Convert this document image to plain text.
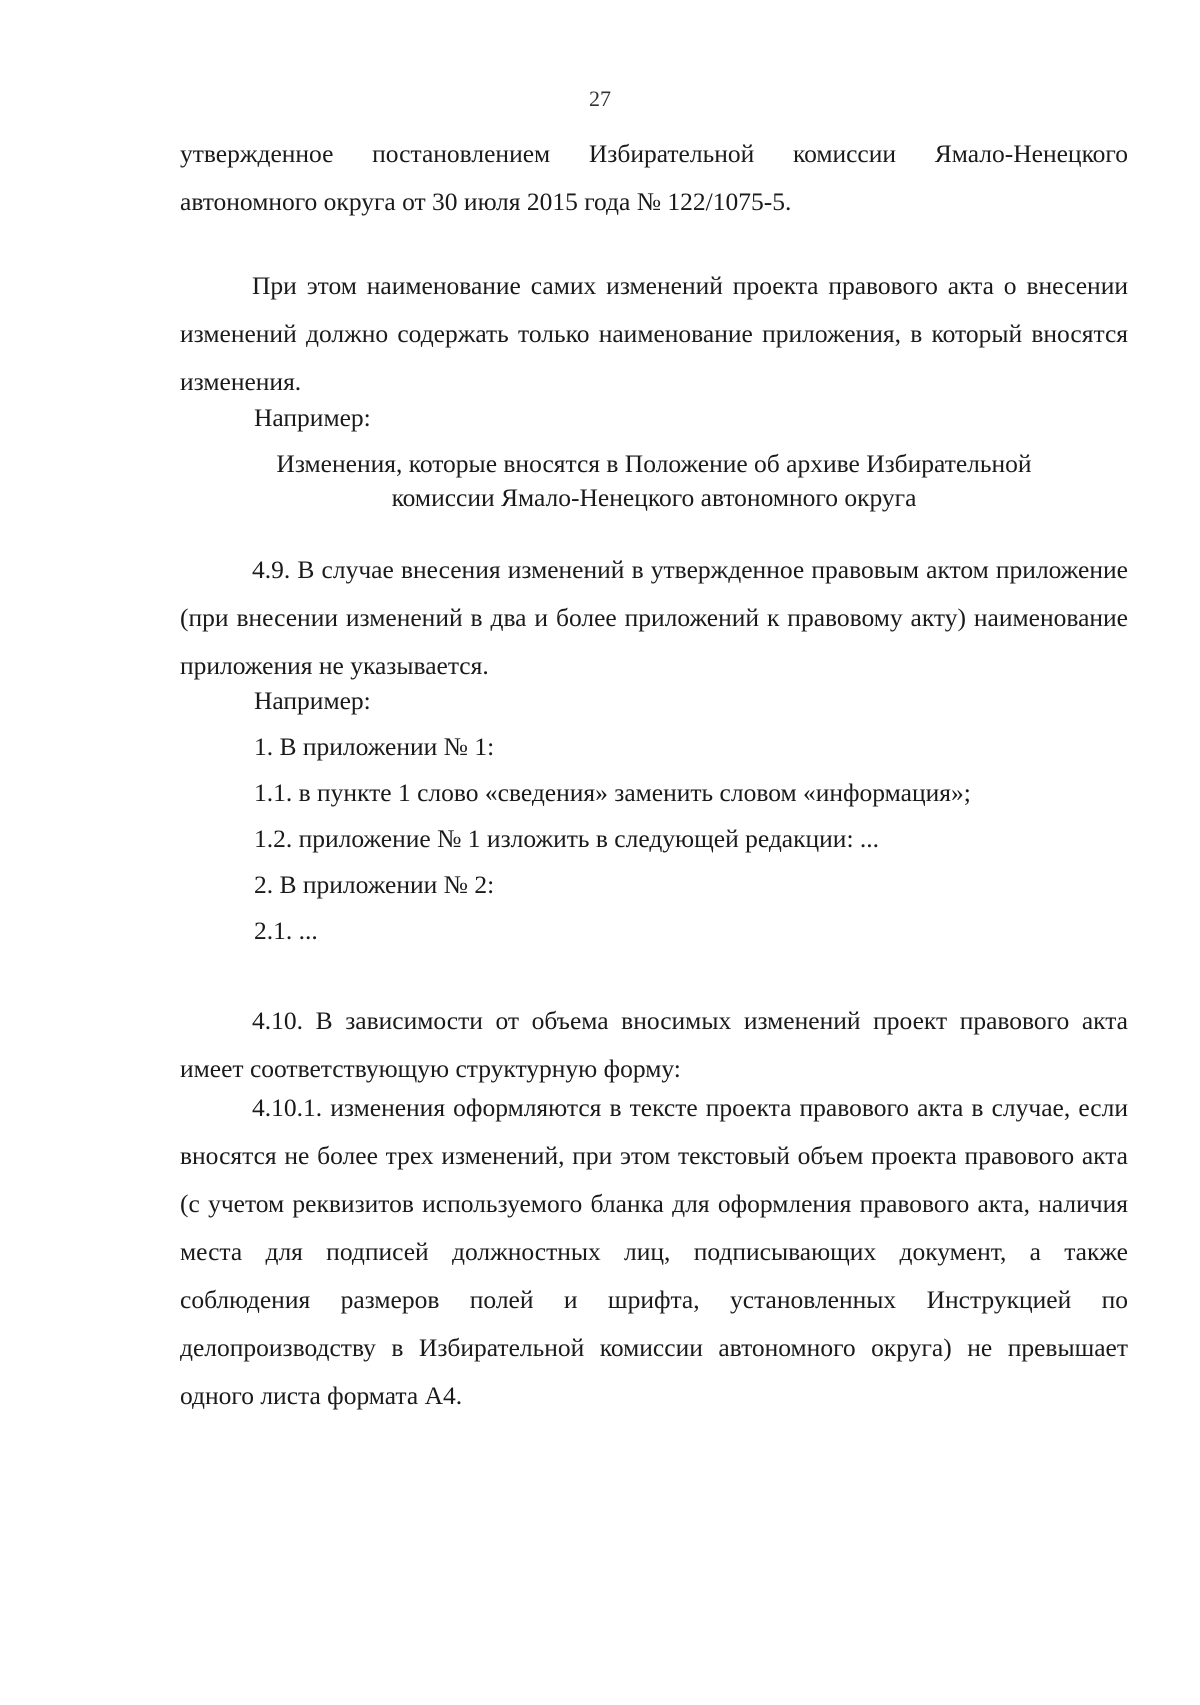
27
утвержденное постановлением Избирательной комиссии Ямало-Ненецкого автономного округа от 30 июля 2015 года № 122/1075-5.
При этом наименование самих изменений проекта правового акта о внесении изменений должно содержать только наименование приложения, в который вносятся изменения.
Например:
Изменения, которые вносятся в Положение об архиве Избирательной
комиссии Ямало-Ненецкого автономного округа
4.9. В случае внесения изменений в утвержденное правовым актом приложение (при внесении изменений в два и более приложений к правовому акту) наименование приложения не указывается.
Например:
1. В приложении № 1:
1.1. в пункте 1 слово «сведения» заменить словом «информация»;
1.2. приложение № 1 изложить в следующей редакции: ...
2. В приложении № 2:
2.1. ...
4.10. В зависимости от объема вносимых изменений проект правового акта имеет соответствующую структурную форму:
4.10.1. изменения оформляются в тексте проекта правового акта в случае, если вносятся не более трех изменений, при этом текстовый объем проекта правового акта (с учетом реквизитов используемого бланка для оформления правового акта, наличия места для подписей должностных лиц, подписывающих документ, а также соблюдения размеров полей и шрифта, установленных Инструкцией по делопроизводству в Избирательной комиссии автономного округа) не превышает одного листа формата А4.
